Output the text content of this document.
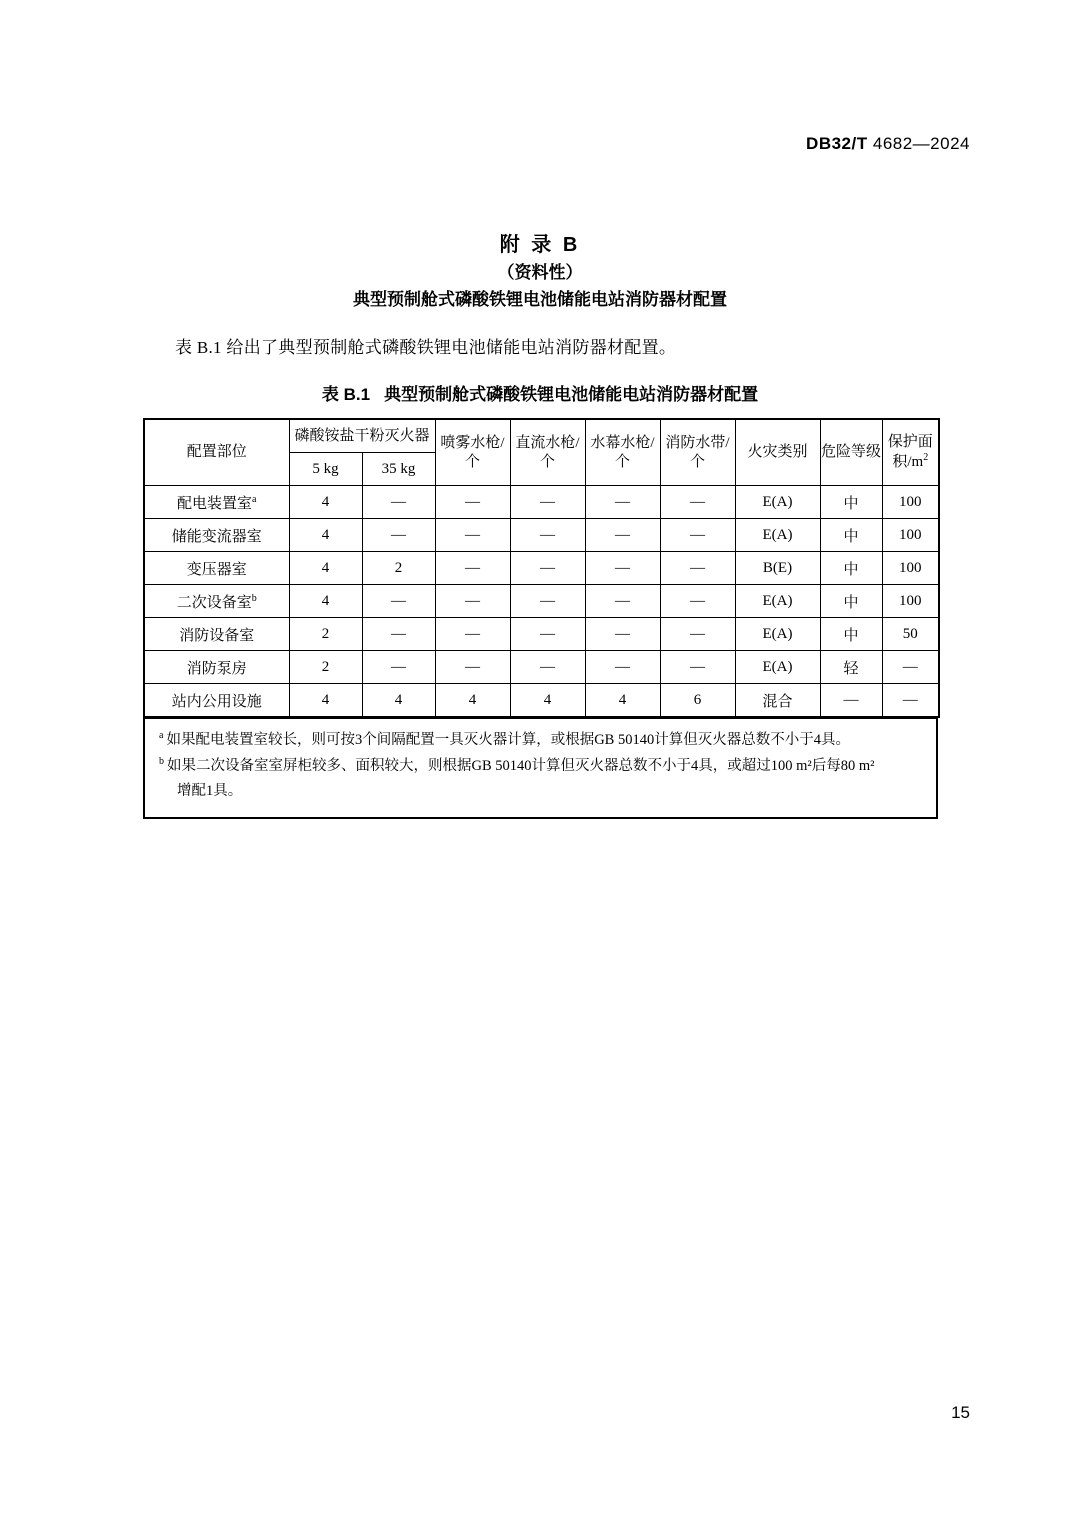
DB32/T 4682—2024
附 录 B
（资料性）
典型预制舱式磷酸铁锂电池储能电站消防器材配置
表 B.1 给出了典型预制舱式磷酸铁锂电池储能电站消防器材配置。
表 B.1 典型预制舱式磷酸铁锂电池储能电站消防器材配置
配置部位	磷酸铵盐干粉灭火器		喷雾水枪/个	直流水枪/个	水幕水枪/个	消防水带/个	火灾类别	危险等级	保护面积$/m^2$
	5 kg	35 kg							
配电装置室$^a$	4	—	—	—	—	—	E(A)	中	100
储能变流器室	4	—	—	—	—	—	E(A)	中	100
变压器室	4	2	—	—	—	—	B(E)	中	100
二次设备室$^b$	4	—	—	—	—	—	E(A)	中	100
消防设备室	2	—	—	—	—	—	E(A)	中	50
消防泵房	2	—	—	—	—	—	E(A)	轻	—
站内公用设施	4	4	4	4	4	6	混合	—	—
$^a$ 如果配电装置室较长，则可按3个间隔配置一具灭火器计算，或根据GB 50140计算但灭火器总数不小于4具。
$^b$ 如果二次设备室室屏柜较多、面积较大，则根据GB 50140计算但灭火器总数不小于4具，或超过100 m²后每80 m²
增配1具。
15
